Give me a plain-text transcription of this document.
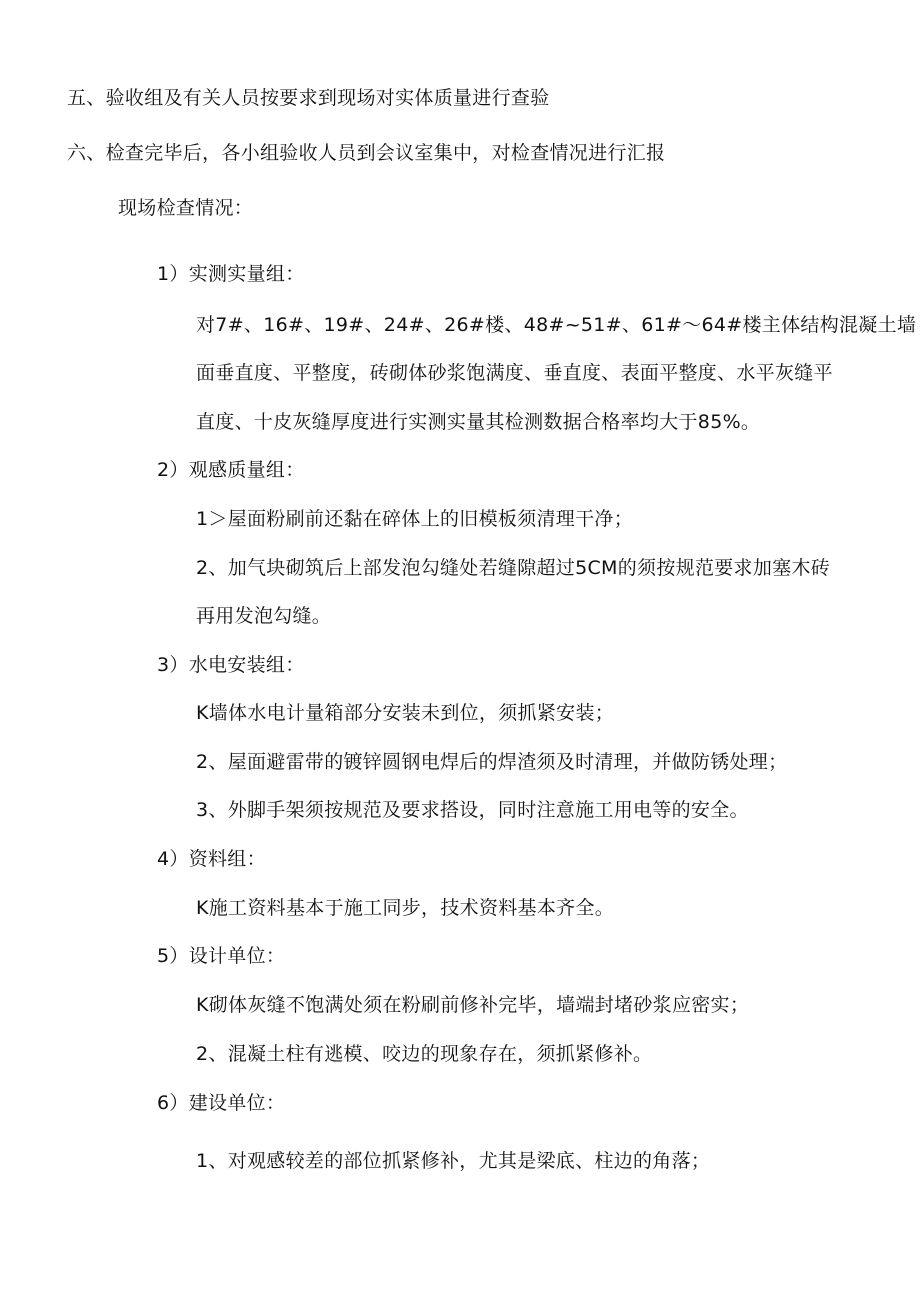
五、验收组及有关人员按要求到现场对实体质量进行查验
六、检查完毕后，各小组验收人员到会议室集中，对检查情况进行汇报
现场检查情况：
1）实测实量组：
对7#、16#、19#、24#、26#楼、48#~51#、61#～64#楼主体结构混凝土墙
面垂直度、平整度，砖砌体砂浆饱满度、垂直度、表面平整度、水平灰缝平
直度、十皮灰缝厚度进行实测实量其检测数据合格率均大于85%。
2）观感质量组：
1＞屋面粉刷前还黏在碎体上的旧模板须清理干净；
2、加气块砌筑后上部发泡勾缝处若缝隙超过5CM的须按规范要求加塞木砖
再用发泡勾缝。
3）水电安装组：
K墙体水电计量箱部分安装未到位，须抓紧安装；
2、屋面避雷带的镀锌圆钢电焊后的焊渣须及时清理，并做防锈处理；
3、外脚手架须按规范及要求搭设，同时注意施工用电等的安全。
4）资料组：
K施工资料基本于施工同步，技术资料基本齐全。
5）设计单位：
K砌体灰缝不饱满处须在粉刷前修补完毕，墙端封堵砂浆应密实；
2、混凝土柱有逃模、咬边的现象存在，须抓紧修补。
6）建设单位：
1、对观感较差的部位抓紧修补，尤其是梁底、柱边的角落；
